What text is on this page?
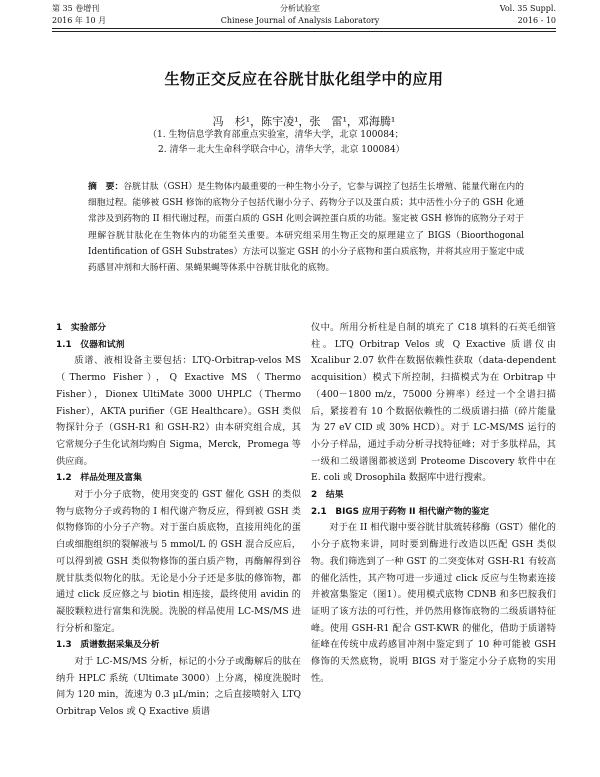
第 35 卷增刊
2016 年 10 月
分析试验室
Chinese Journal of Analysis Laboratory
Vol. 35 Suppl.
2016 - 10
生物正交反应在谷胱甘肽化组学中的应用
冯　杉¹，陈宇凌¹，张　雷¹，邓海腾¹
（1. 生物信息学教育部重点实验室，清华大学，北京 100084；
2. 清华－北大生命科学联合中心，清华大学，北京 100084）
摘　要：谷胱甘肽（GSH）是生物体内最重要的一种生物小分子，它参与调控了包括生长增殖、能量代谢在内的细胞过程。能够被 GSH 修饰的底物分子包括代谢小分子、药物分子以及蛋白质；其中活性小分子的 GSH 化通常涉及到药物的 II 相代谢过程，而蛋白质的 GSH 化则会调控蛋白质的功能。鉴定被 GSH 修饰的底物分子对于理解谷胱甘肽化在生物体内的功能至关重要。本研究组采用生物正交的原理建立了 BIGS（Bioorthogonal Identification of GSH Substrates）方法可以鉴定 GSH 的小分子底物和蛋白质底物，并将其应用于鉴定中成药感冒冲剂和大肠杆菌、果蝇果蝇等体系中谷胱甘肽化的底物。

1　实验部分

1.1　仪器和试剂

质谱、液相设备主要包括：LTQ-Orbitrap-velos MS（Thermo Fisher），Q Exactive MS（Thermo Fisher），Dionex UltiMate 3000 UHPLC（Thermo Fisher），AKTA purifier（GE Healthcare）。GSH 类似物探针分子（GSH-R1 和 GSH-R2）由本研究组合成，其它常规分子生化试剂均购自 Sigma，Merck，Promega 等供应商。

1.2　样品处理及富集

对于小分子底物，使用突变的 GST 催化 GSH 的类似物与底物分子或药物的 I 相代谢产物反应，得到被 GSH 类似物修饰的小分子产物。对于蛋白质底物，直接用纯化的蛋白或细胞组织的裂解液与 5 mmol/L 的 GSH 混合反应后，可以得到被 GSH 类似物修饰的蛋白质产物，再酶解得到谷胱甘肽类似物化的肽。无论是小分子还是多肽的修饰物，都通过 click 反应修之与 biotin 相连接，最终使用 avidin 的凝胶颗粒进行富集和洗脱。洗脱的样品使用 LC-MS/MS 进行分析和鉴定。

1.3　质谱数据采集及分析

对于 LC-MS/MS 分析，标记的小分子或酶解后的肽在纳升 HPLC 系统（Ultimate 3000）上分离，梯度洗脱时间为 120 min，流速为 0.3 μL/min；之后直接喷射入 LTQ Orbitrap Velos 或 Q Exactive 质谱

仪中。所用分析柱是自制的填充了 C18 填料的石英毛细管柱。LTQ Orbitrap Velos 或 Q Exactive 质谱仪由 Xcalibur 2.07 软件在数据依赖性获取（data-dependent acquisition）模式下所控制，扫描模式为在 Orbitrap 中（400－1800 m/z，75000 分辨率）经过一个全谱扫描后，紧接着有 10 个数据依赖性的二级质谱扫描（碎片能量为 27 eV CID 或 30% HCD）。对于 LC-MS/MS 运行的小分子样品，通过手动分析寻找特征峰；对于多肽样品，其一级和二级谱图都被送到 Proteome Discovery 软件中在 E. coli 或 Drosophila 数据库中进行搜索。

2　结果

2.1　BIGS 应用于药物 II 相代谢产物的鉴定

对于在 II 相代谢中要谷胱甘肽巯转移酶（GST）催化的小分子底物来讲，同时要到酶进行改造以匹配 GSH 类似物。我们筛选到了一种 GST 的二突变体对 GSH-R1 有较高的催化活性，其产物可进一步通过 click 反应与生物素连接并被富集鉴定（图1）。使用模式底物 CDNB 和多巴胺我们证明了该方法的可行性，并仍然用修饰底物的二级质谱特征峰。使用 GSH-R1 配合 GST-KWR 的催化，借助于质谱特征峰在传统中成药感冒冲剂中鉴定到了 10 种可能被 GSH 修饰的天然底物，说明 BIGS 对于鉴定小分子底物的实用性。
